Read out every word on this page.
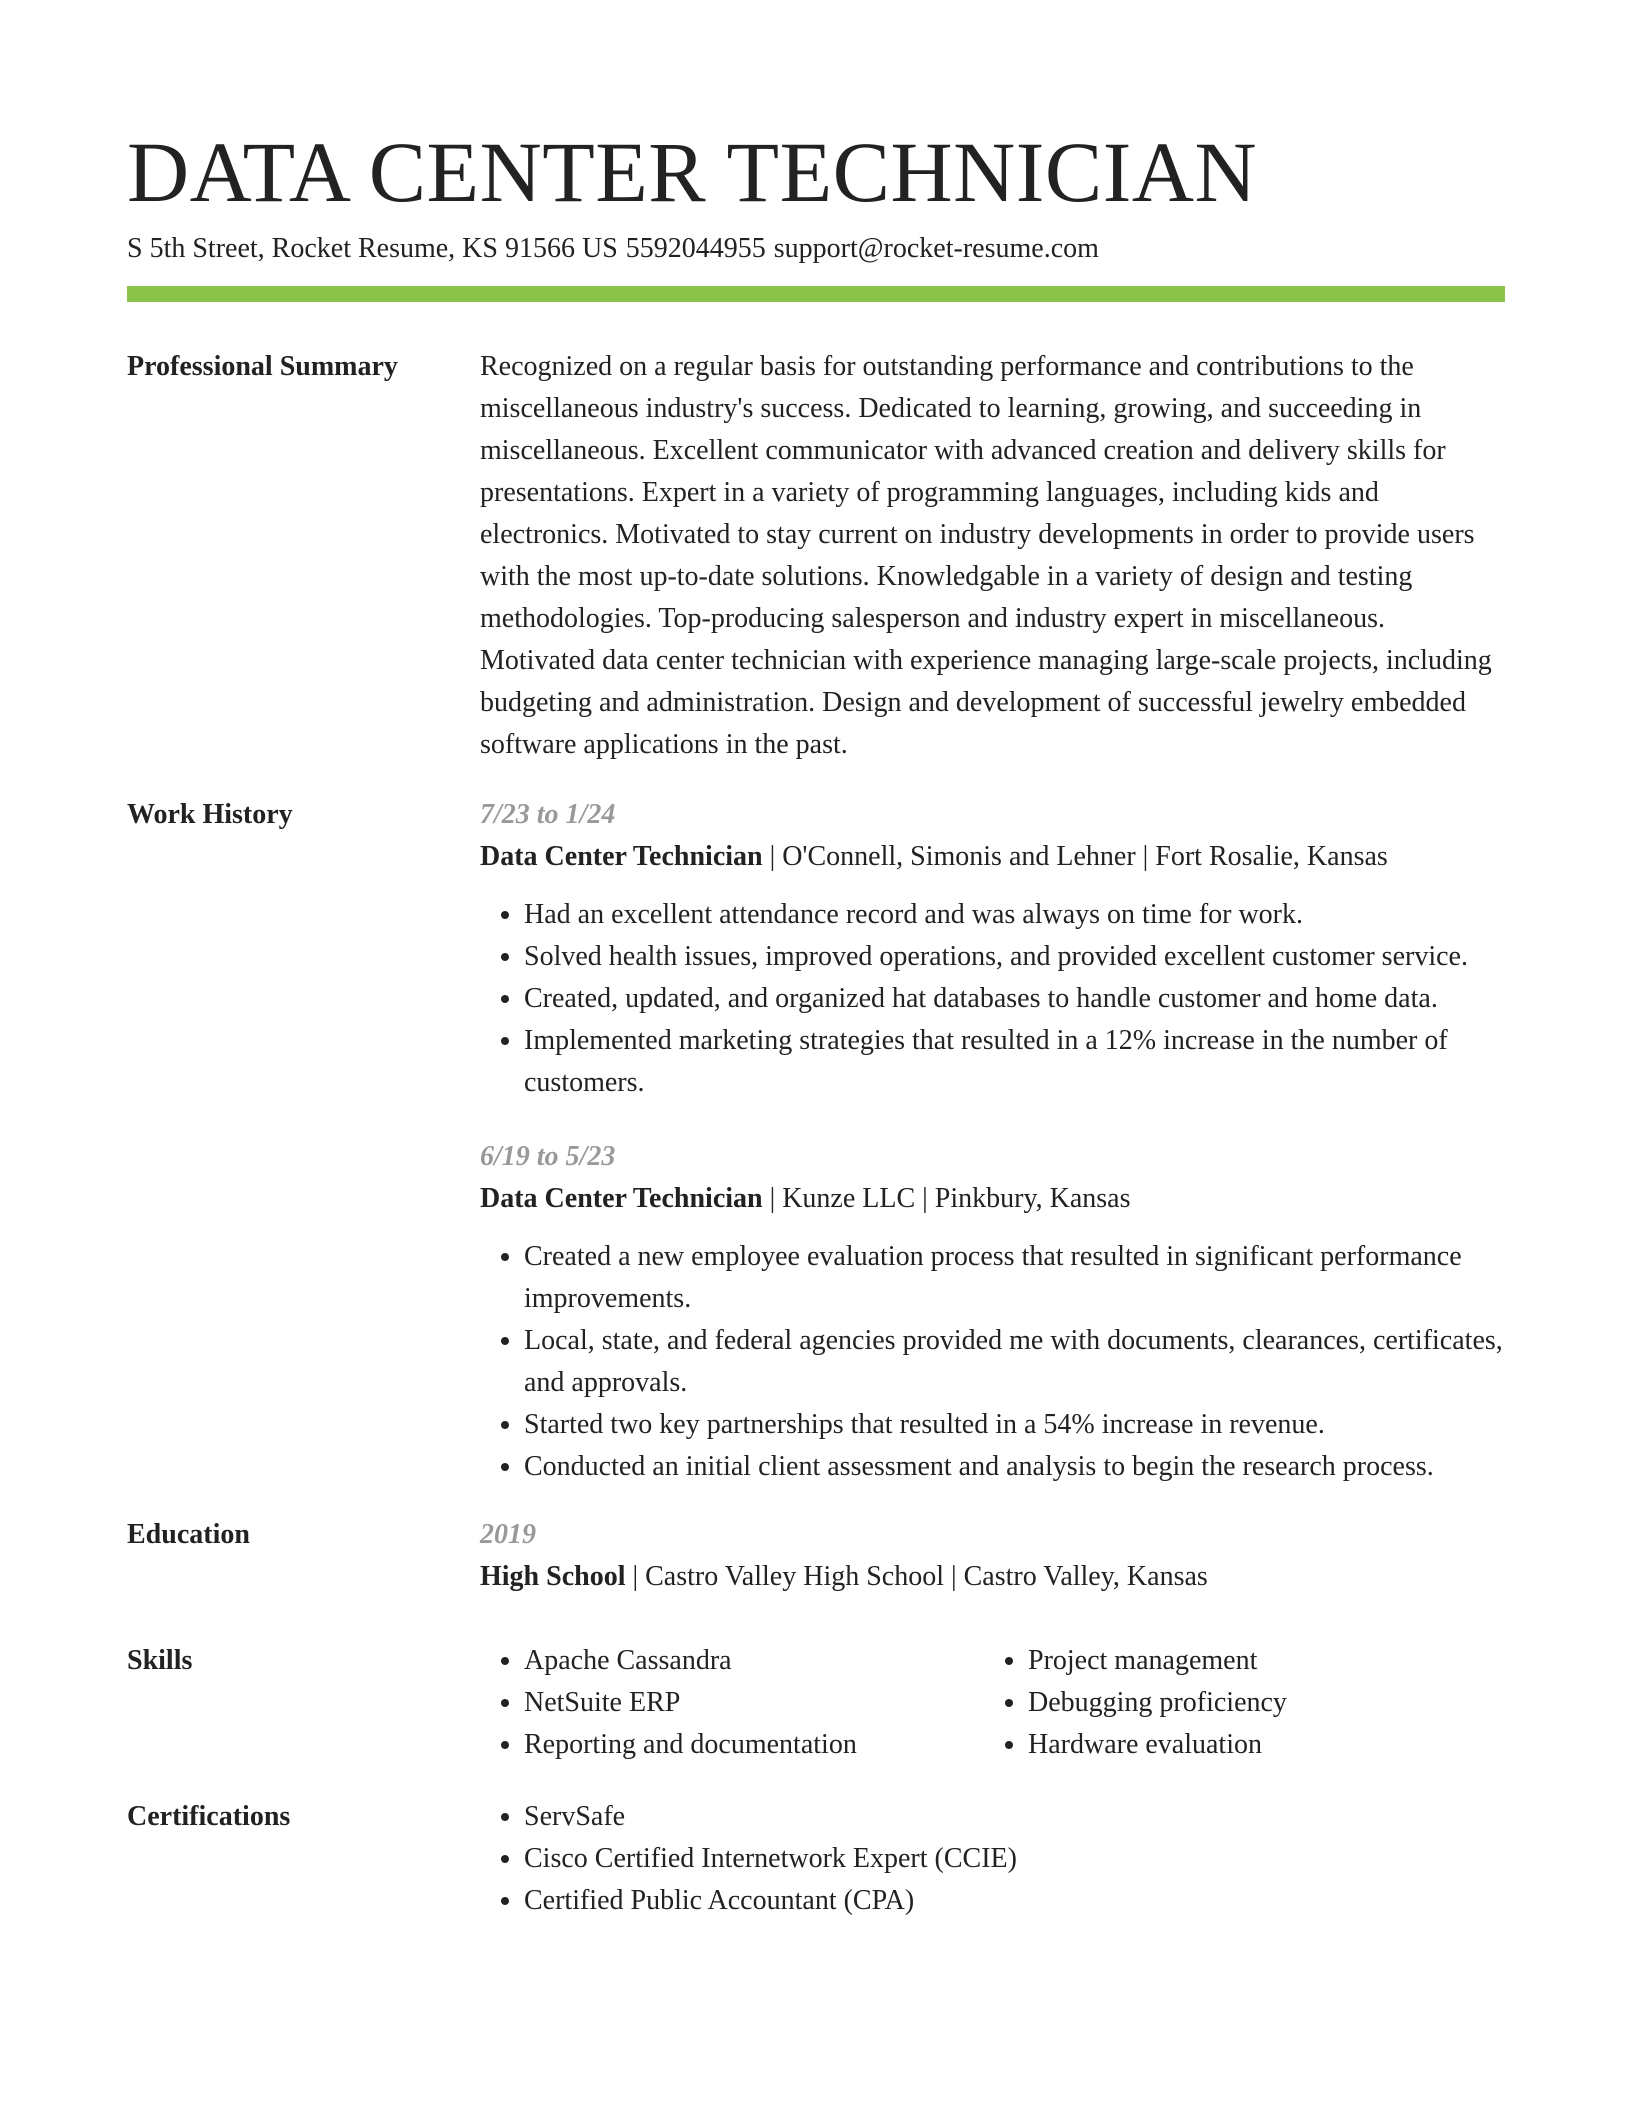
DATA CENTER TECHNICIAN
S 5th Street, Rocket Resume, KS 91566 US 5592044955 support@rocket-resume.com
Professional Summary	Recognized on a regular basis for outstanding performance and contributions to the miscellaneous industry's success. Dedicated to learning, growing, and succeeding in miscellaneous. Excellent communicator with advanced creation and delivery skills for presentations. Expert in a variety of programming languages, including kids and electronics. Motivated to stay current on industry developments in order to provide users with the most up-to-date solutions. Knowledgable in a variety of design and testing methodologies. Top-producing salesperson and industry expert in miscellaneous. Motivated data center technician with experience managing large-scale projects, including budgeting and administration. Design and development of successful jewelry embedded software applications in the past.

Work History	7/23 to 1/24
Data Center Technician | O'Connell, Simonis and Lehner | Fort Rosalie, Kansas
• Had an excellent attendance record and was always on time for work.
• Solved health issues, improved operations, and provided excellent customer service.
• Created, updated, and organized hat databases to handle customer and home data.
• Implemented marketing strategies that resulted in a 12% increase in the number of customers.
6/19 to 5/23
Data Center Technician | Kunze LLC | Pinkbury, Kansas
• Created a new employee evaluation process that resulted in significant performance improvements.
• Local, state, and federal agencies provided me with documents, clearances, certificates, and approvals.
• Started two key partnerships that resulted in a 54% increase in revenue.
• Conducted an initial client assessment and analysis to begin the research process.
Education	2019
High School | Castro Valley High School | Castro Valley, Kansas
Skills	• Apache Cassandra
• NetSuite ERP
• Reporting and documentation
• Project management
• Debugging proficiency
• Hardware evaluation
Certifications	• ServSafe
• Cisco Certified Internetwork Expert (CCIE)
• Certified Public Accountant (CPA)
